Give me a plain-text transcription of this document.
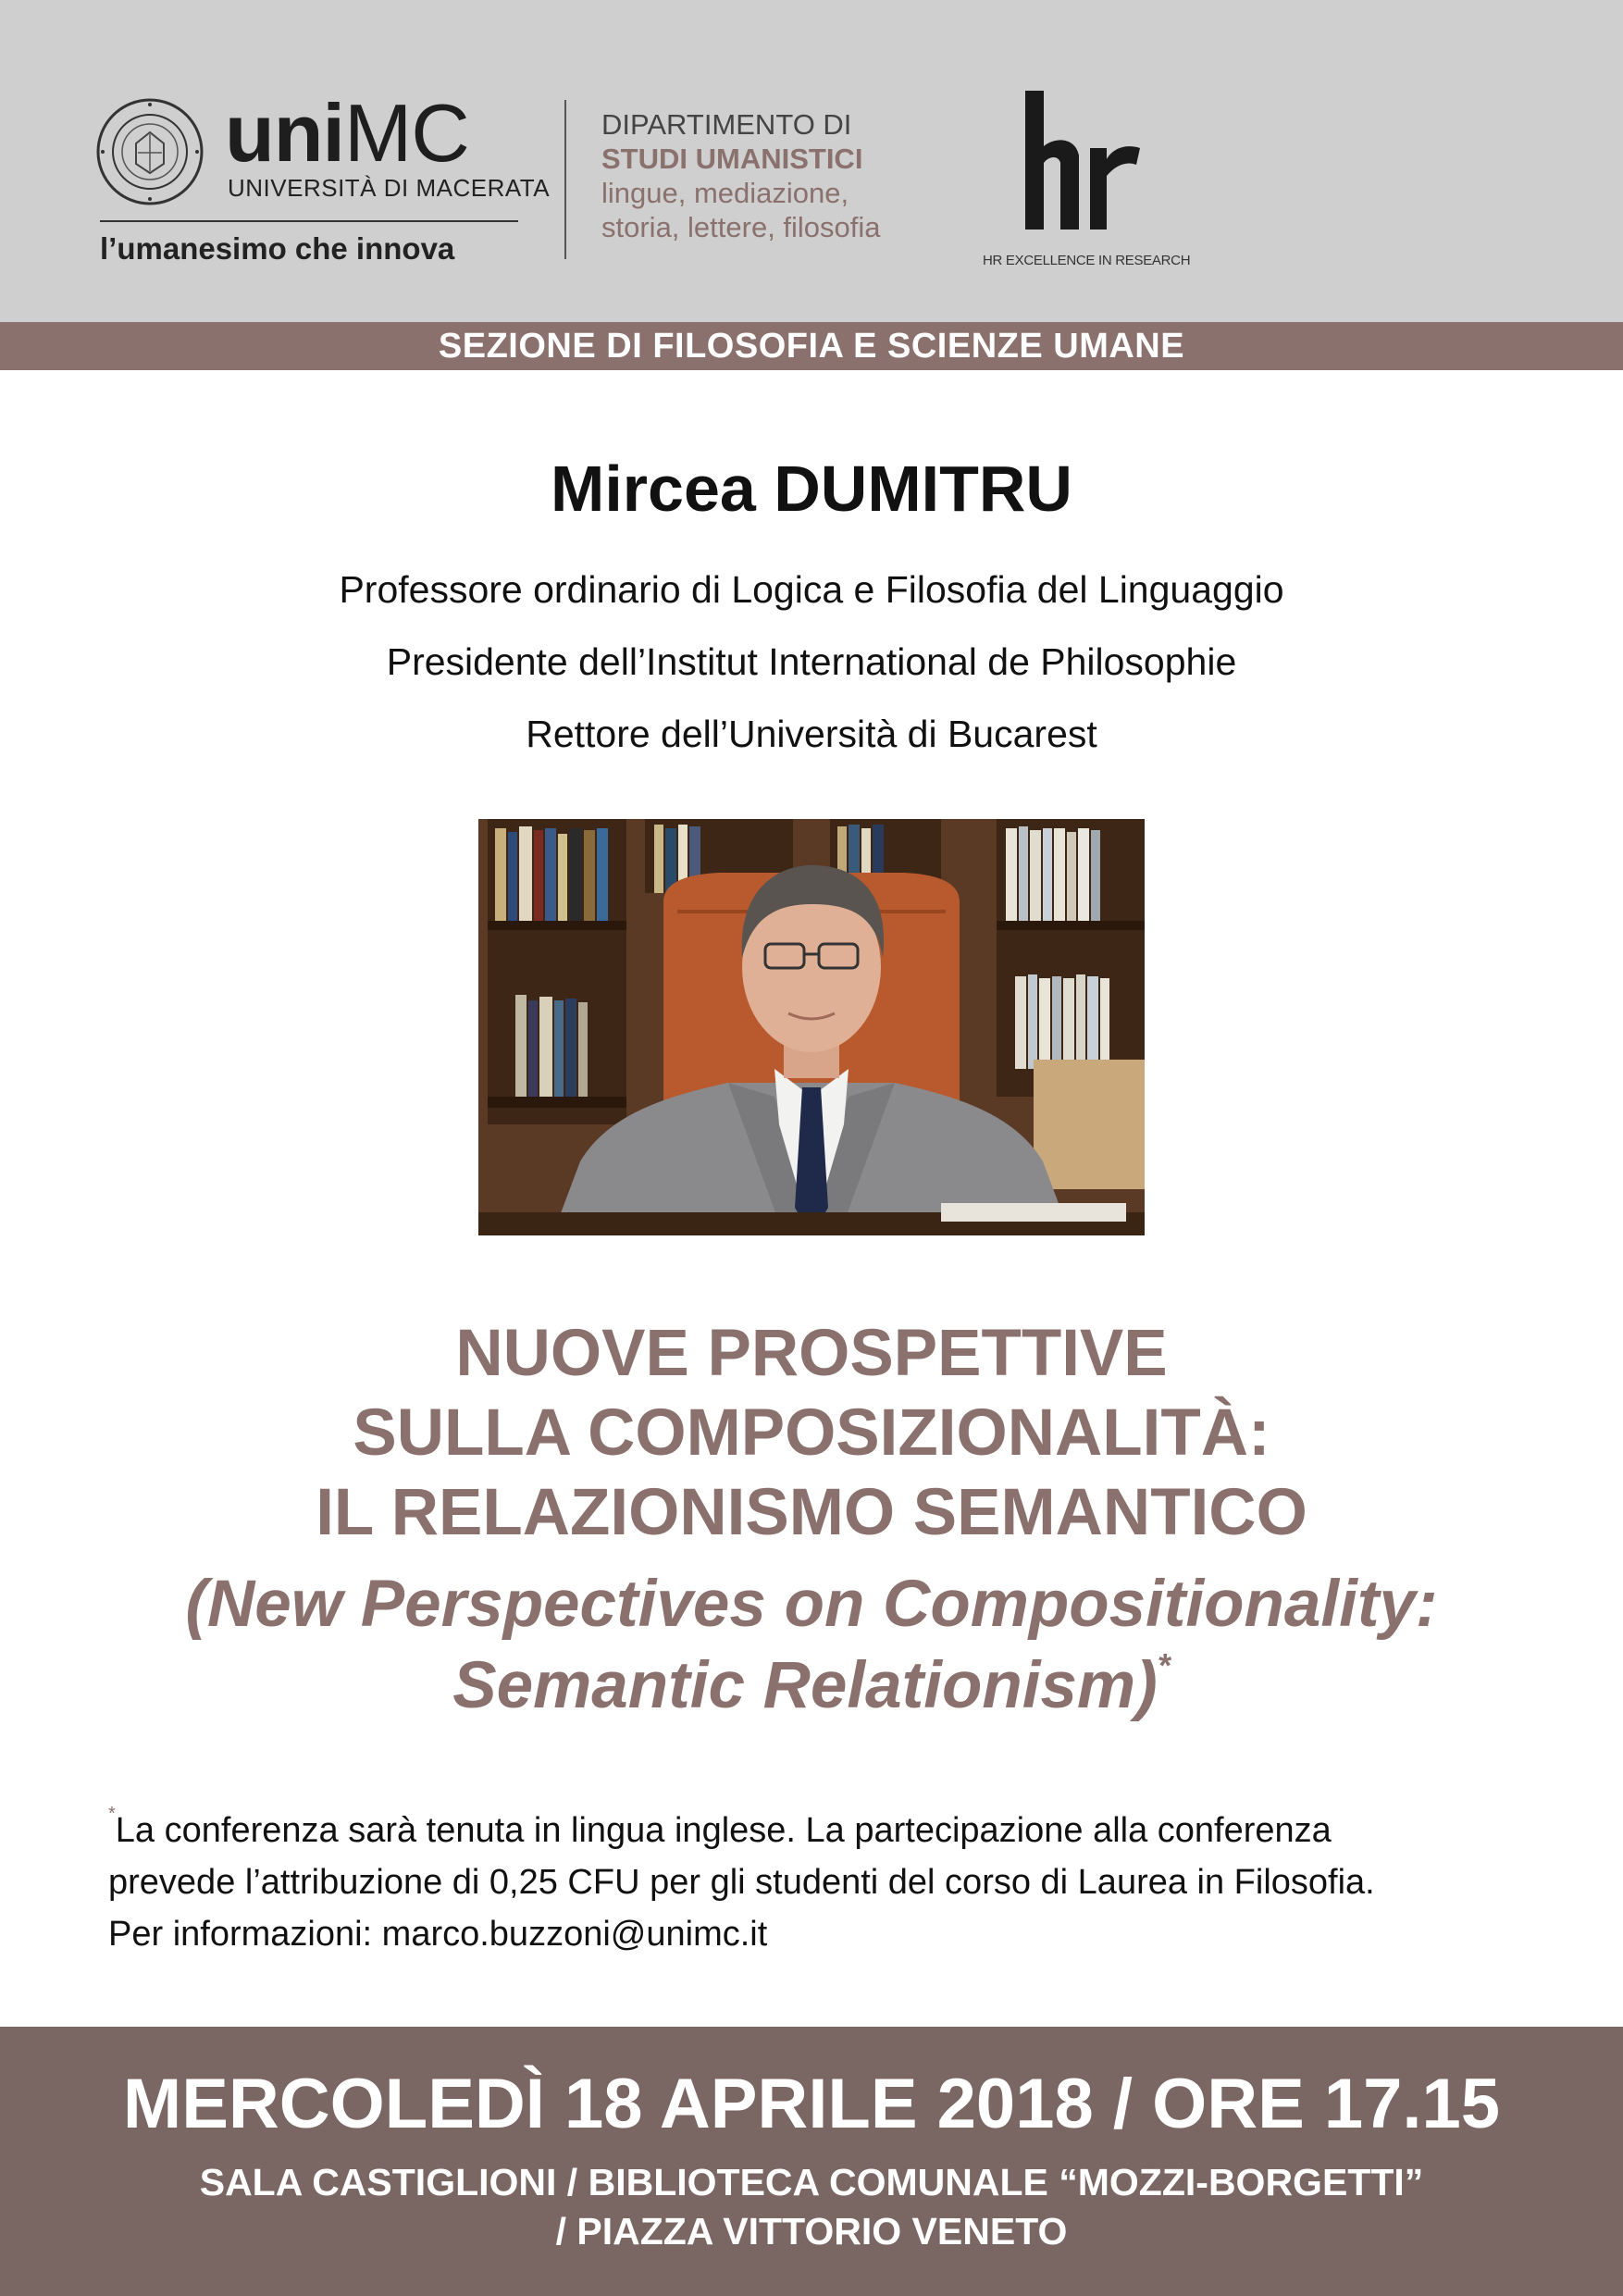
uniMC
UNIVERSITÀ DI MACERATA
l’umanesimo che innova
DIPARTIMENTO DI
STUDI UMANISTICI
lingue, mediazione,
storia, lettere, filosofia
HR EXCELLENCE IN RESEARCH
SEZIONE DI FILOSOFIA E SCIENZE UMANE
Mircea DUMITRU
Professore ordinario di Logica e Filosofia del Linguaggio
Presidente dell’Institut International de Philosophie
Rettore dell’Università di Bucarest
NUOVE PROSPETTIVE
SULLA COMPOSIZIONALITÀ:
IL RELAZIONISMO SEMANTICO
(New Perspectives on Compositionality:
Semantic Relationism)*
*La conferenza sarà tenuta in lingua inglese. La partecipazione alla conferenza
prevede l’attribuzione di 0,25 CFU per gli studenti del corso di Laurea in Filosofia.
Per informazioni: marco.buzzoni@unimc.it
MERCOLEDÌ 18 APRILE 2018 / ORE 17.15
SALA CASTIGLIONI / BIBLIOTECA COMUNALE “MOZZI-BORGETTI”
/ PIAZZA VITTORIO VENETO
